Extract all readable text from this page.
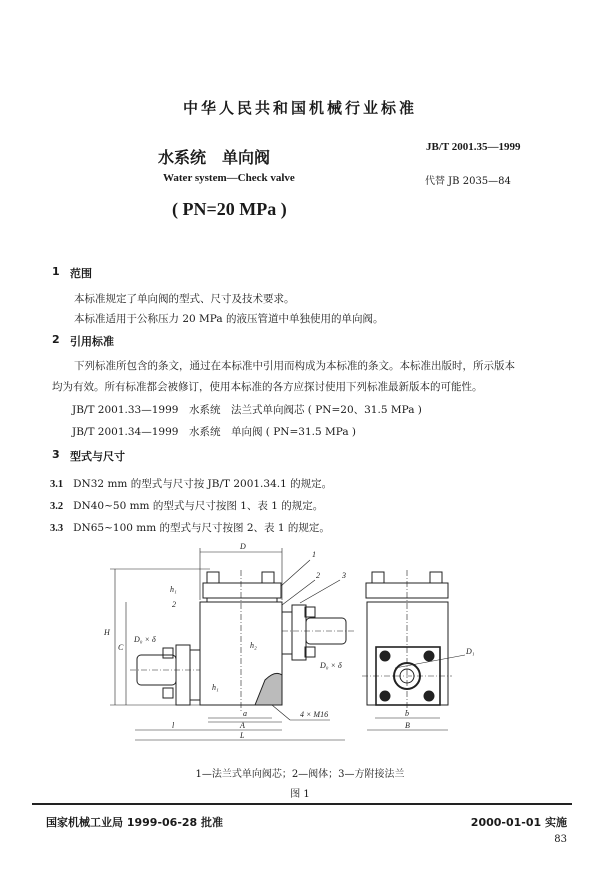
中华人民共和国机械行业标准
水系统　单向阀
JB/T 2001.35—1999
Water system—Check valve	代替 JB 2035—84
( PN=20 MPa )
1 范围
本标准规定了单向阀的型式、尺寸及技术要求。
本标准适用于公称压力 20 MPa 的液压管道中单独使用的单向阀。
2 引用标准
下列标准所包含的条文，通过在本标准中引用而构成为本标准的条文。本标准出版时，所示版本
均为有效。所有标准都会被修订，使用本标准的各方应探讨使用下列标准最新版本的可能性。
JB/T 2001.33—1999　水系统　法兰式单向阀芯 ( PN=20、31.5 MPa )
JB/T 2001.34—1999　水系统　单向阀 ( PN=31.5 MPa )
3 型式与尺寸
3.1 DN32 mm 的型式与尺寸按 JB/T 2001.34.1 的规定。
3.2 DN40~50 mm 的型式与尺寸按图 1、表 1 的规定。
3.3 DN65~100 mm 的型式与尺寸按图 2、表 1 的规定。
D
1
2	3
h₁
2
H
C
D₀ × δ
h₂
h₁
D₀ × δ
a
A
l
L
4 × M16
D₁
b
B
1—法兰式单向阀芯；2—阀体；3—方附接法兰
图 1
国家机械工业局 1999-06-28 批准	2000-01-01 实施
83
